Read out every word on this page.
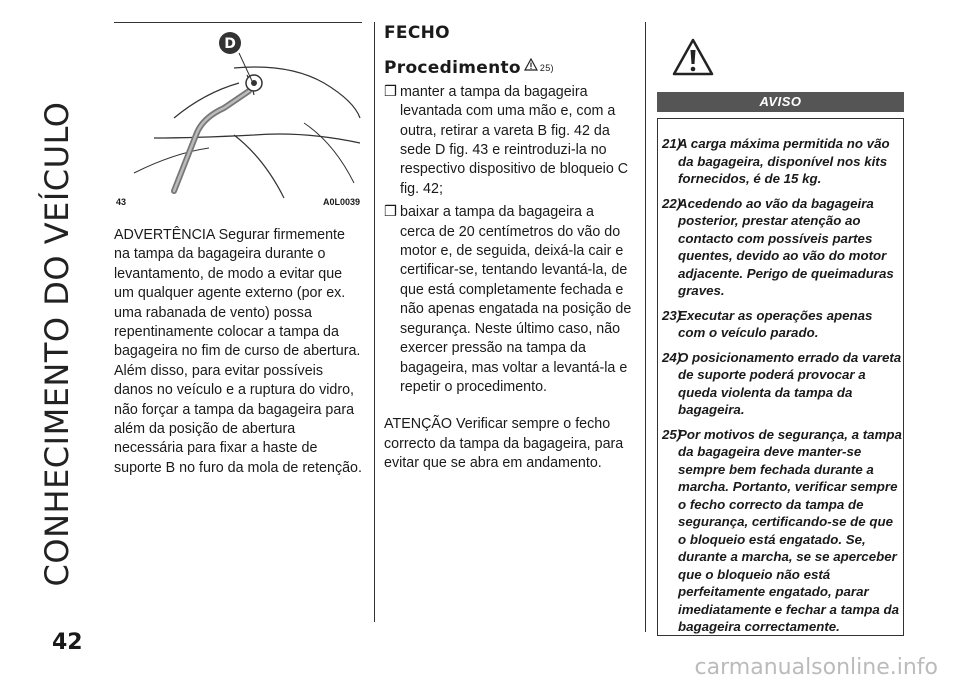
CONHECIMENTO DO VEÍCULO
42
D
43	A0L0039
ADVERTÊNCIA Segurar firmemente na tampa da bagageira durante o levantamento, de modo a evitar que um qualquer agente externo (por ex. uma rabanada de vento) possa repentinamente colocar a tampa da bagageira no fim de curso de abertura. Além disso, para evitar possíveis danos no veículo e a ruptura do vidro, não forçar a tampa da bagageira para além da posição de abertura necessária para fixar a haste de suporte B no furo da mola de retenção.
FECHO
Procedimento 25)
❒ manter a tampa da bagageira levantada com uma mão e, com a outra, retirar a vareta B fig. 42 da sede D fig. 43 e reintroduzi-la no respectivo dispositivo de bloqueio C fig. 42;
❒ baixar a tampa da bagageira a cerca de 20 centímetros do vão do motor e, de seguida, deixá-la cair e certificar-se, tentando levantá-la, de que está completamente fechada e não apenas engatada na posição de segurança. Neste último caso, não exercer pressão na tampa da bagageira, mas voltar a levantá-la e repetir o procedimento.
ATENÇÃO Verificar sempre o fecho correcto da tampa da bagageira, para evitar que se abra em andamento.
AVISO
21)
A carga máxima permitida no vão da bagageira, disponível nos kits fornecidos, é de 15 kg.
22)
Acedendo ao vão da bagageira posterior, prestar atenção ao contacto com possíveis partes quentes, devido ao vão do motor adjacente. Perigo de queimaduras graves.
23)
Executar as operações apenas com o veículo parado.
24)
O posicionamento errado da vareta de suporte poderá provocar a queda violenta da tampa da bagageira.
25)
Por motivos de segurança, a tampa da bagageira deve manter-se sempre bem fechada durante a marcha. Portanto, verificar sempre o fecho correcto da tampa de segurança, certificando-se de que o bloqueio está engatado. Se, durante a marcha, se se aperceber que o bloqueio não está perfeitamente engatado, parar imediatamente e fechar a tampa da bagageira correctamente.
carmanualsonline.info
